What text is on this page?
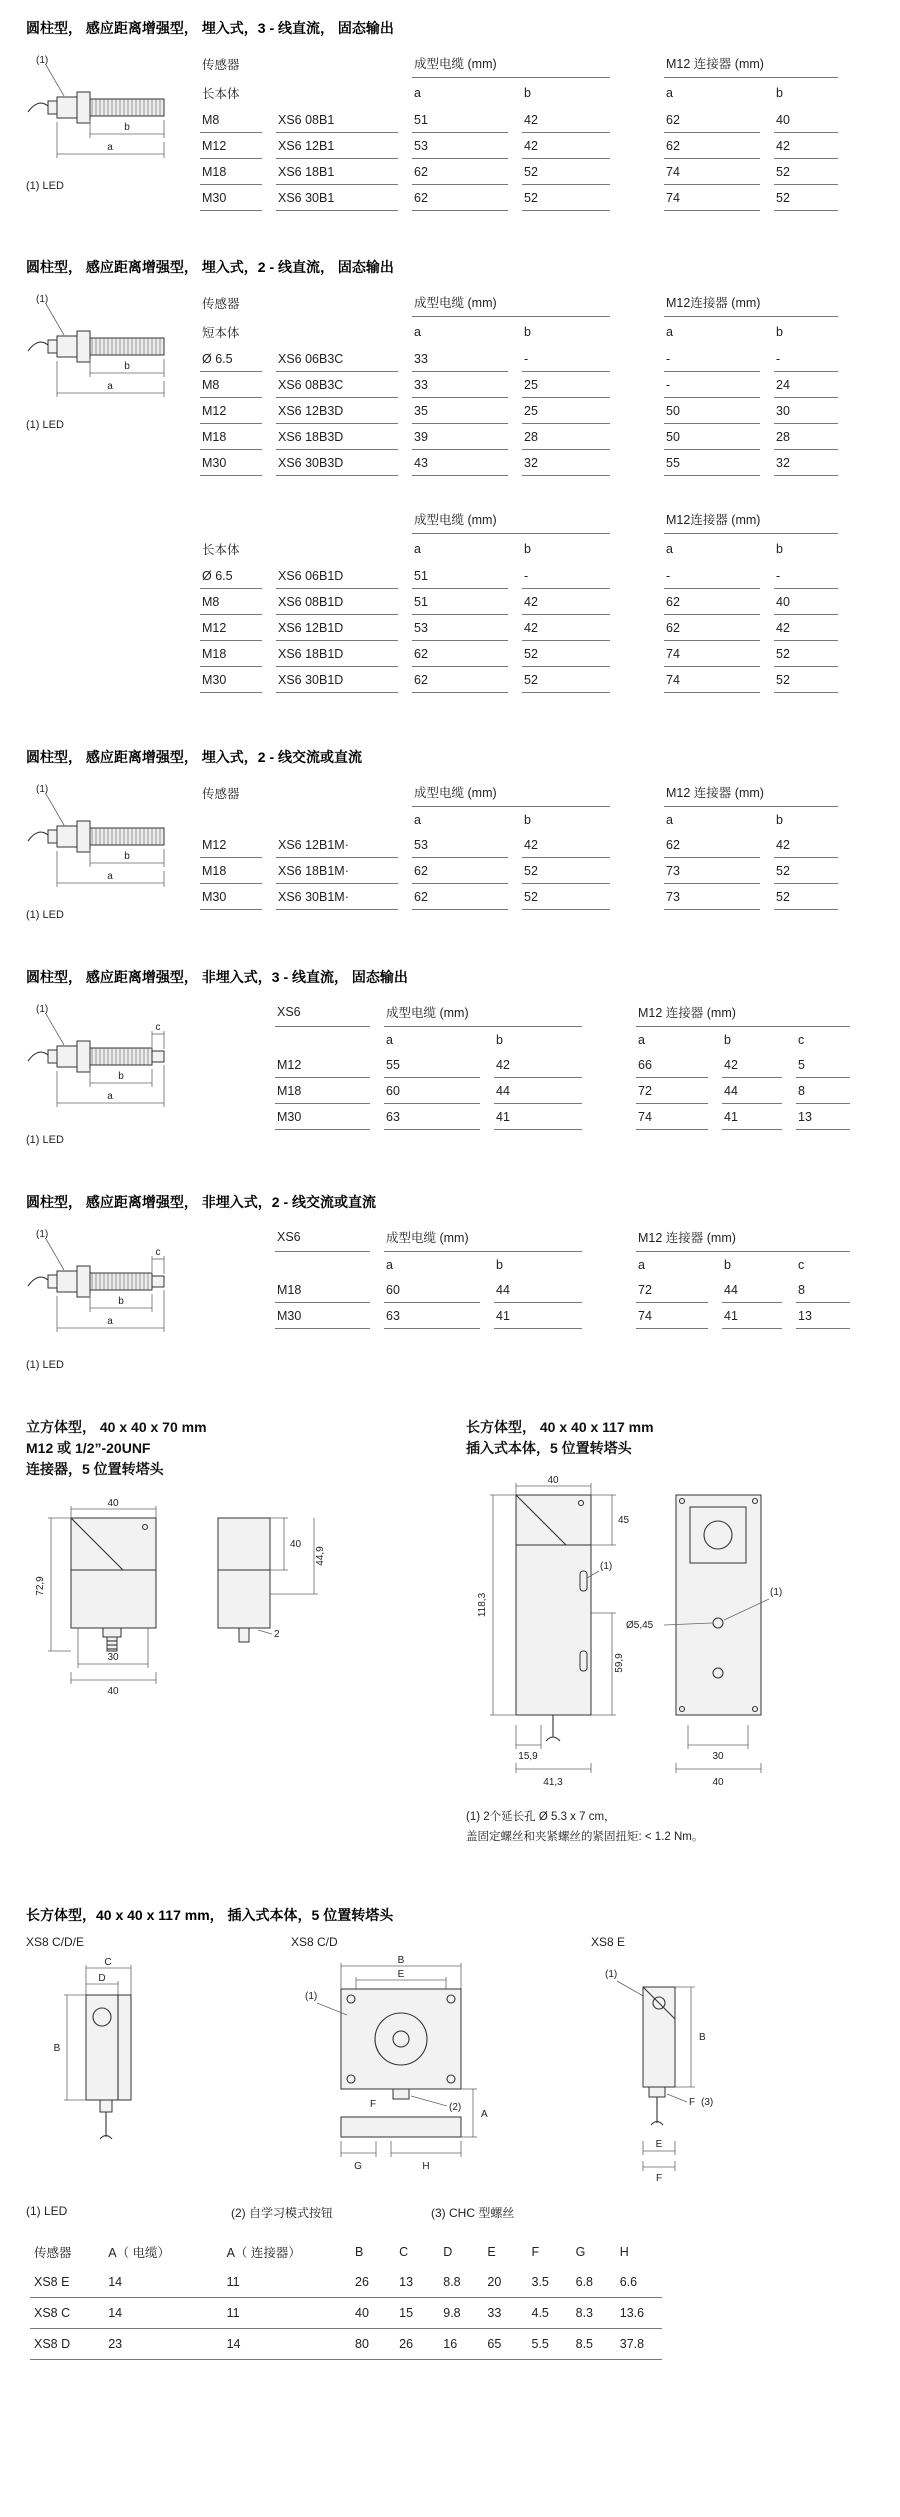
圆柱型， 感应距离增强型， 埋入式，3 - 线直流， 固态输出
(1)
b
a
(1) LED
传感器		成型电缆 (mm)			M12 连接器 (mm)	
长本体		a	b		a	b
M8	XS6 08B1	51	42		62	40
M12	XS6 12B1	53	42		62	42
M18	XS6 18B1	62	52		74	52
M30	XS6 30B1	62	52		74	52
圆柱型， 感应距离增强型， 埋入式，2 - 线直流， 固态输出
(1)
b
a
(1) LED
传感器		成型电缆 (mm)			M12连接器 (mm)	
短本体		a	b		a	b
Ø 6.5	XS6 06B3C	33	-		-	-
M8	XS6 08B3C	33	25		-	24
M12	XS6 12B3D	35	25		50	30
M18	XS6 18B3D	39	28		50	28
M30	XS6 30B3D	43	32		55	32
		成型电缆 (mm)			M12连接器 (mm)	
长本体		a	b		a	b
Ø 6.5	XS6 06B1D	51	-		-	-
M8	XS6 08B1D	51	42		62	40
M12	XS6 12B1D	53	42		62	42
M18	XS6 18B1D	62	52		74	52
M30	XS6 30B1D	62	52		74	52
圆柱型， 感应距离增强型， 埋入式，2 - 线交流或直流
(1)
b
a
(1) LED
传感器		成型电缆 (mm)			M12 连接器 (mm)	
		a	b		a	b
M12	XS6 12B1M·	53	42		62	42
M18	XS6 18B1M·	62	52		73	52
M30	XS6 30B1M·	62	52		73	52
圆柱型， 感应距离增强型， 非埋入式，3 - 线直流， 固态输出
(1)
c
b
a
(1) LED
XS6	成型电缆 (mm)			M12 连接器 (mm)		
	a	b		a	b	c
M12	55	42		66	42	5
M18	60	44		72	44	8
M30	63	41		74	41	13
圆柱型， 感应距离增强型， 非埋入式，2 - 线交流或直流
(1)
c
b
a
(1) LED
XS6	成型电缆 (mm)			M12 连接器 (mm)		
	a	b		a	b	c
M18	60	44		72	44	8
M30	63	41		74	41	13
立方体型， 40 x 40 x 70 mm
M12 或 1/2”-20UNF
连接器，5 位置转塔头
40
72,9
30
40
40
44,9
2
长方体型， 40 x 40 x 117 mm
插入式本体，5 位置转塔头
40
(1)
118,3
45
59,9
15,9
41,3
Ø5,45
(1)
30
40
(1) 2个延长孔 Ø 5.3 x 7 cm，
盖固定螺丝和夹紧螺丝的紧固扭矩: < 1.2 Nm。
长方体型，40 x 40 x 117 mm， 插入式本体，5 位置转塔头
XS8 C/D/E
C
D
B
XS8 C/D
B
E
(1)
(2)
F
A
G	H
XS8 E
(1)
B
F (3)
E
F
(1) LED	(2) 自学习模式按钮	(3) CHC 型螺丝
传感器	A（ 电缆）	A（ 连接器）	B	C	D	E	F	G	H
XS8 E	14	11	26	13	8.8	20	3.5	6.8	6.6
XS8 C	14	11	40	15	9.8	33	4.5	8.3	13.6
XS8 D	23	14	80	26	16	65	5.5	8.5	37.8
